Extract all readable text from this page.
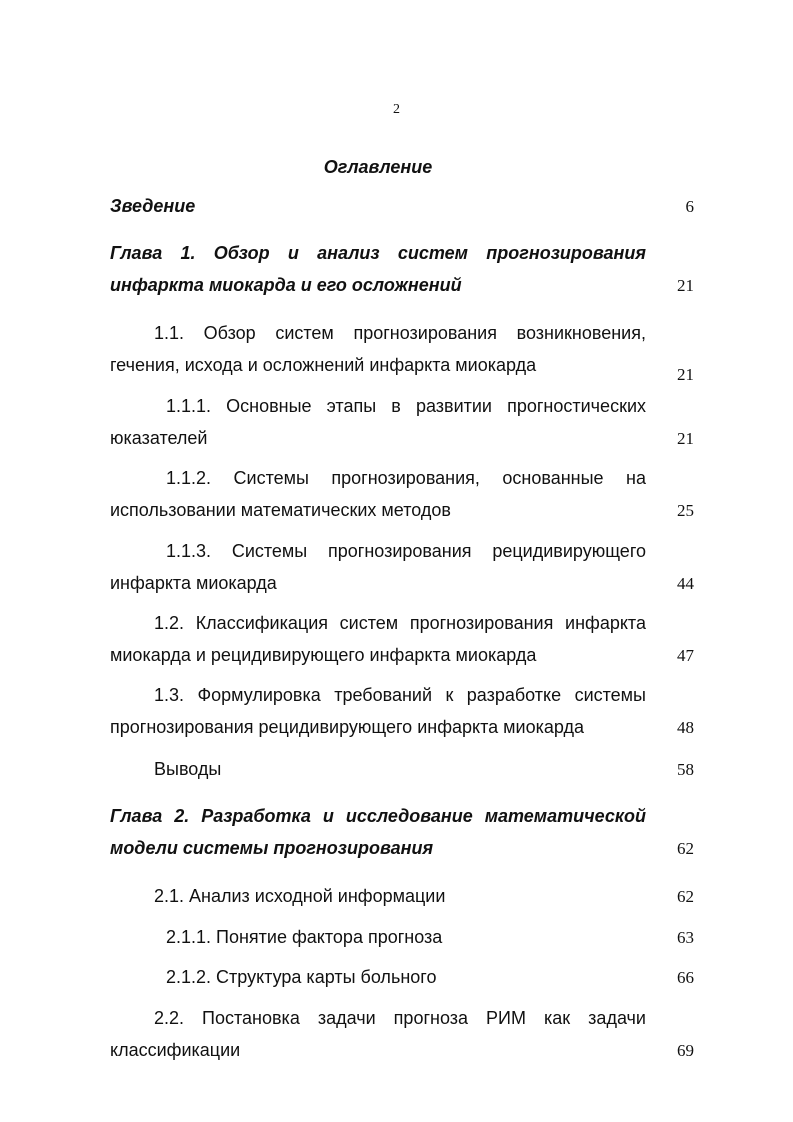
2
Оглавление
Зведение	6
Глава 1. Обзор и анализ систем прогнозирования
инфаркта миокарда и его осложнений	21
1.1. Обзор систем прогнозирования возникновения,
гечения, исхода и осложнений инфаркта миокарда	21
1.1.1. Основные этапы в развитии прогностических
юказателей	21
1.1.2. Системы прогнозирования, основанные на
использовании математических методов	25
1.1.3. Системы прогнозирования рецидивирующего
инфаркта миокарда	44
1.2. Классификация систем прогнозирования инфаркта
миокарда и рецидивирующего инфаркта миокарда	47
1.3. Формулировка требований к разработке системы
прогнозирования рецидивирующего инфаркта миокарда	48
Выводы	58
Глава 2. Разработка и исследование математической
модели системы прогнозирования	62
2.1. Анализ исходной информации	62
2.1.1. Понятие фактора прогноза	63
2.1.2. Структура карты больного	66
2.2. Постановка задачи прогноза РИМ как задачи
классификации	69
